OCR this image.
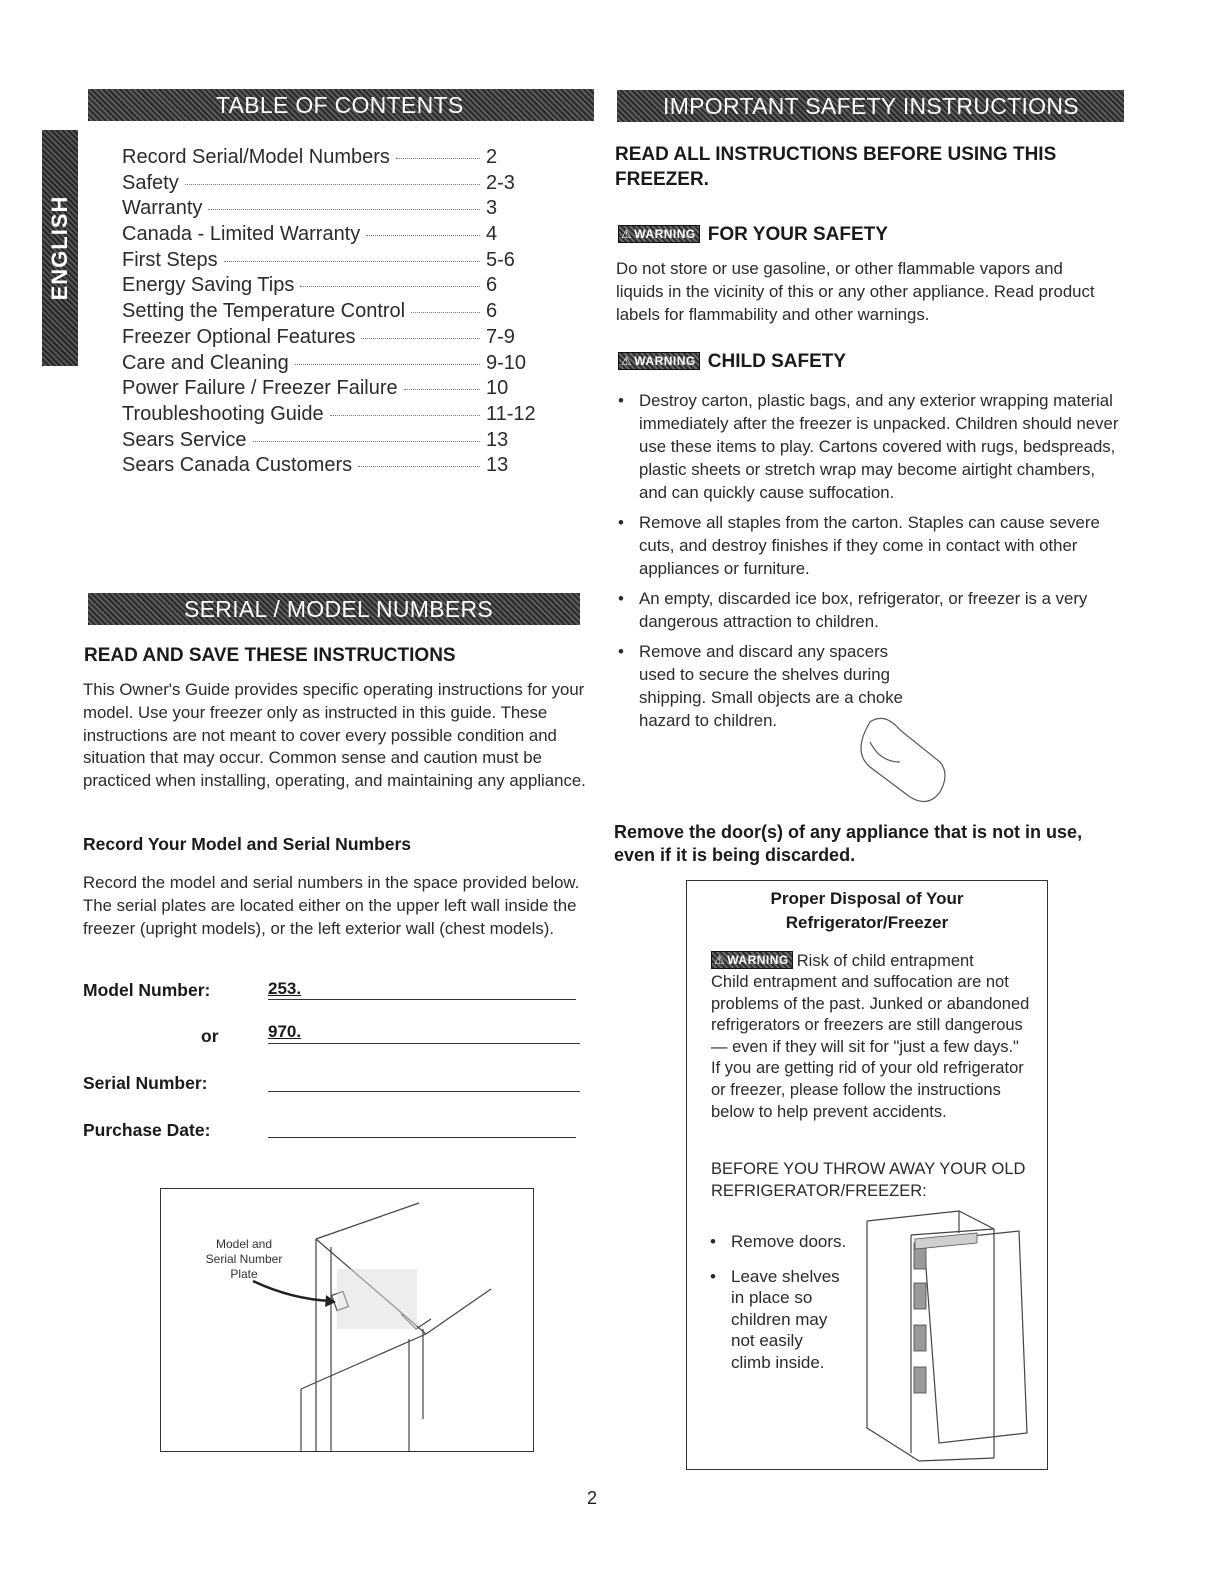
ENGLISH
TABLE OF CONTENTS
Record Serial/Model Numbers	2
Safety	2-3
Warranty	3
Canada - Limited Warranty	4
First Steps	5-6
Energy Saving Tips	6
Setting the Temperature Control	6
Freezer Optional Features	7-9
Care and Cleaning	9-10
Power Failure / Freezer Failure	10
Troubleshooting Guide	11-12
Sears Service	13
Sears Canada Customers	13
SERIAL / MODEL NUMBERS
READ AND SAVE THESE INSTRUCTIONS
This Owner's Guide provides specific operating instructions for your model. Use your freezer only as instructed in this guide. These instructions are not meant to cover every possible condition and situation that may occur. Common sense and caution must be practiced when installing, operating, and maintaining any appliance.
Record Your Model and Serial Numbers
Record the model and serial numbers in the space provided below. The serial plates are located either on the upper left wall inside the freezer (upright models), or the left exterior wall (chest models).
Model Number:	253.
or	970.
Serial Number:
Purchase Date:
Model and Serial Number Plate
IMPORTANT SAFETY INSTRUCTIONS
READ ALL INSTRUCTIONS BEFORE USING THIS FREEZER.
⚠ WARNING FOR YOUR SAFETY
Do not store or use gasoline, or other flammable vapors and liquids in the vicinity of this or any other appliance. Read product labels for flammability and other warnings.
⚠ WARNING CHILD SAFETY
• Destroy carton, plastic bags, and any exterior wrapping material immediately after the freezer is unpacked. Children should never use these items to play. Cartons covered with rugs, bedspreads, plastic sheets or stretch wrap may become airtight chambers, and can quickly cause suffocation.
• Remove all staples from the carton. Staples can cause severe cuts, and destroy finishes if they come in contact with other appliances or furniture.
• An empty, discarded ice box, refrigerator, or freezer is a very dangerous attraction to children.
• Remove and discard any spacers used to secure the shelves during shipping. Small objects are a choke hazard to children.
Remove the door(s) of any appliance that is not in use, even if it is being discarded.
Proper Disposal of Your Refrigerator/Freezer
⚠ WARNING Risk of child entrapment
Child entrapment and suffocation are not problems of the past. Junked or abandoned refrigerators or freezers are still dangerous — even if they will sit for "just a few days." If you are getting rid of your old refrigerator or freezer, please follow the instructions below to help prevent accidents.
BEFORE YOU THROW AWAY YOUR OLD REFRIGERATOR/FREEZER:
• Remove doors.
• Leave shelves in place so children may not easily climb inside.
2
